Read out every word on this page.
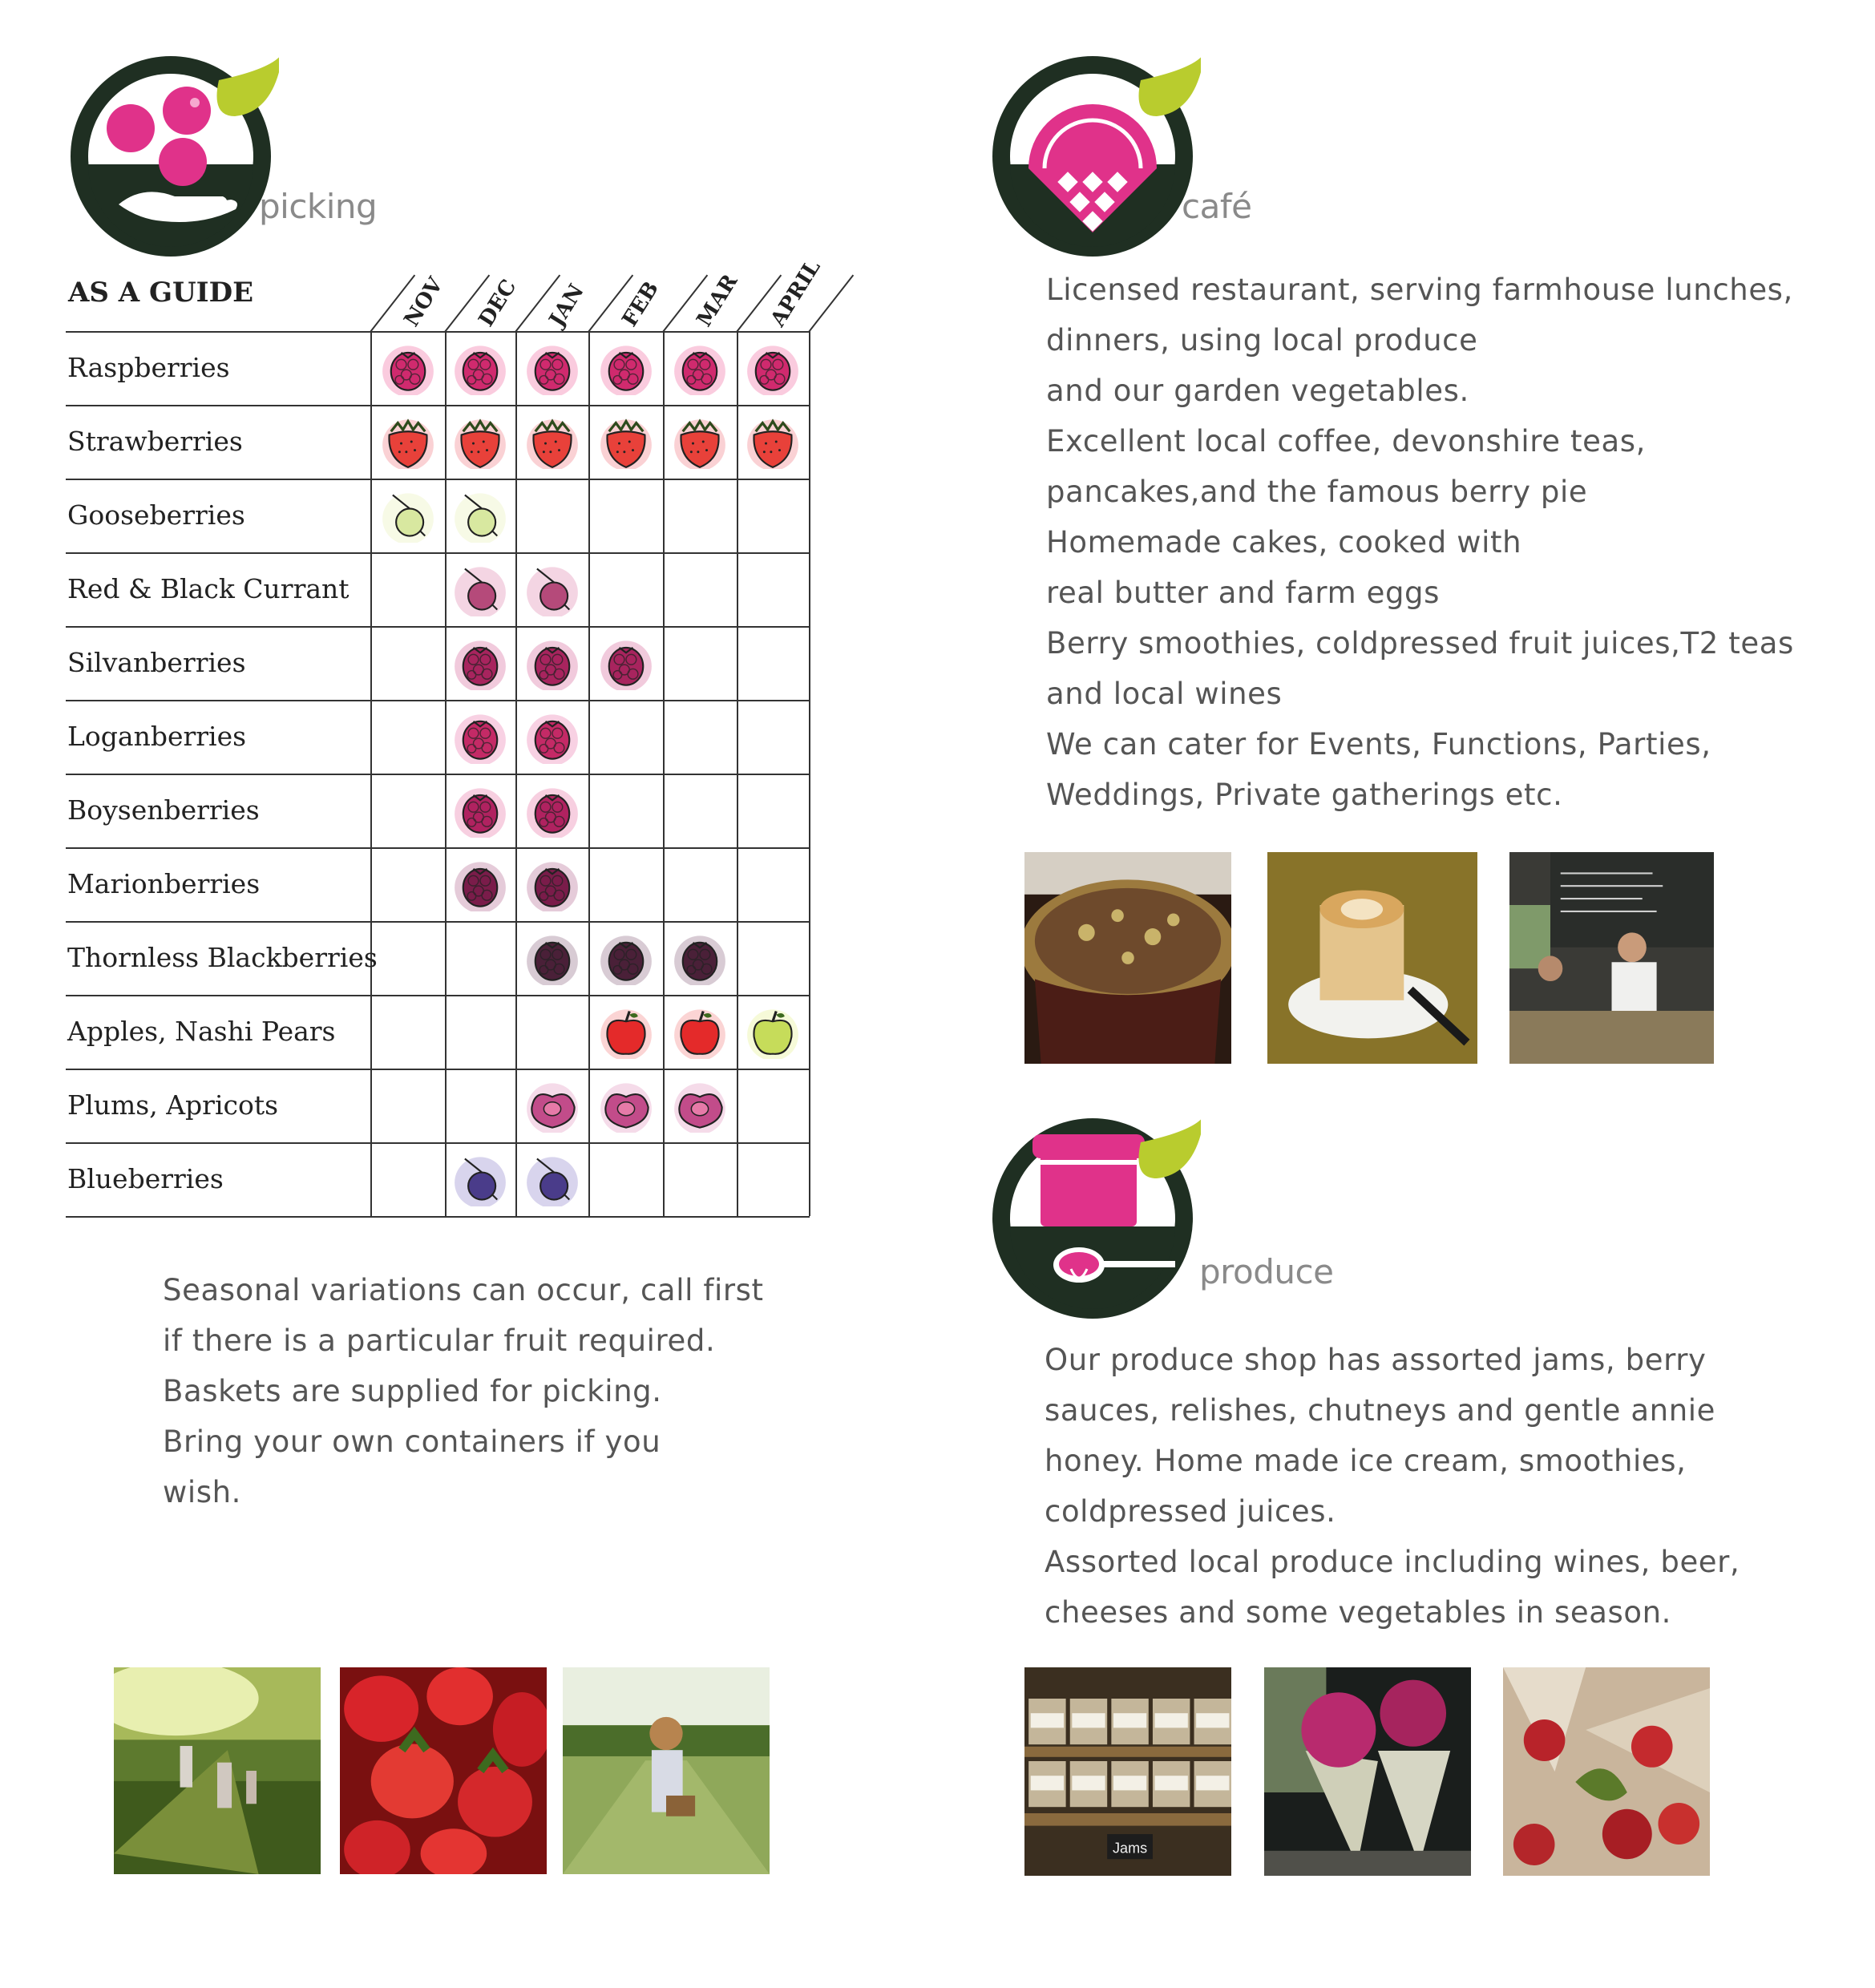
picking
AS A GUIDE	NOV DEC JAN FEB MAR APRIL
Raspberries
Strawberries
Gooseberries
Red & Black Currant
Silvanberries
Loganberries
Boysenberries
Marionberries
Thornless Blackberries
Apples, Nashi Pears
Plums, Apricots
Blueberries
Seasonal variations can occur, call first
if there is a particular fruit required.
Baskets are supplied for picking.
Bring your own containers if you
wish.
café
Licensed restaurant, serving farmhouse lunches,
dinners, using local produce
and our garden vegetables.
Excellent local coffee, devonshire teas,
pancakes,and the famous berry pie
Homemade cakes, cooked with
real butter and farm eggs
Berry smoothies, coldpressed fruit juices,T2 teas
and local wines
We can cater for Events, Functions, Parties,
Weddings, Private gatherings etc.
produce
Our produce shop has assorted jams, berry
sauces, relishes, chutneys and gentle annie
honey. Home made ice cream, smoothies,
coldpressed juices.
Assorted local produce including wines, beer,
cheeses and some vegetables in season.
Jams
